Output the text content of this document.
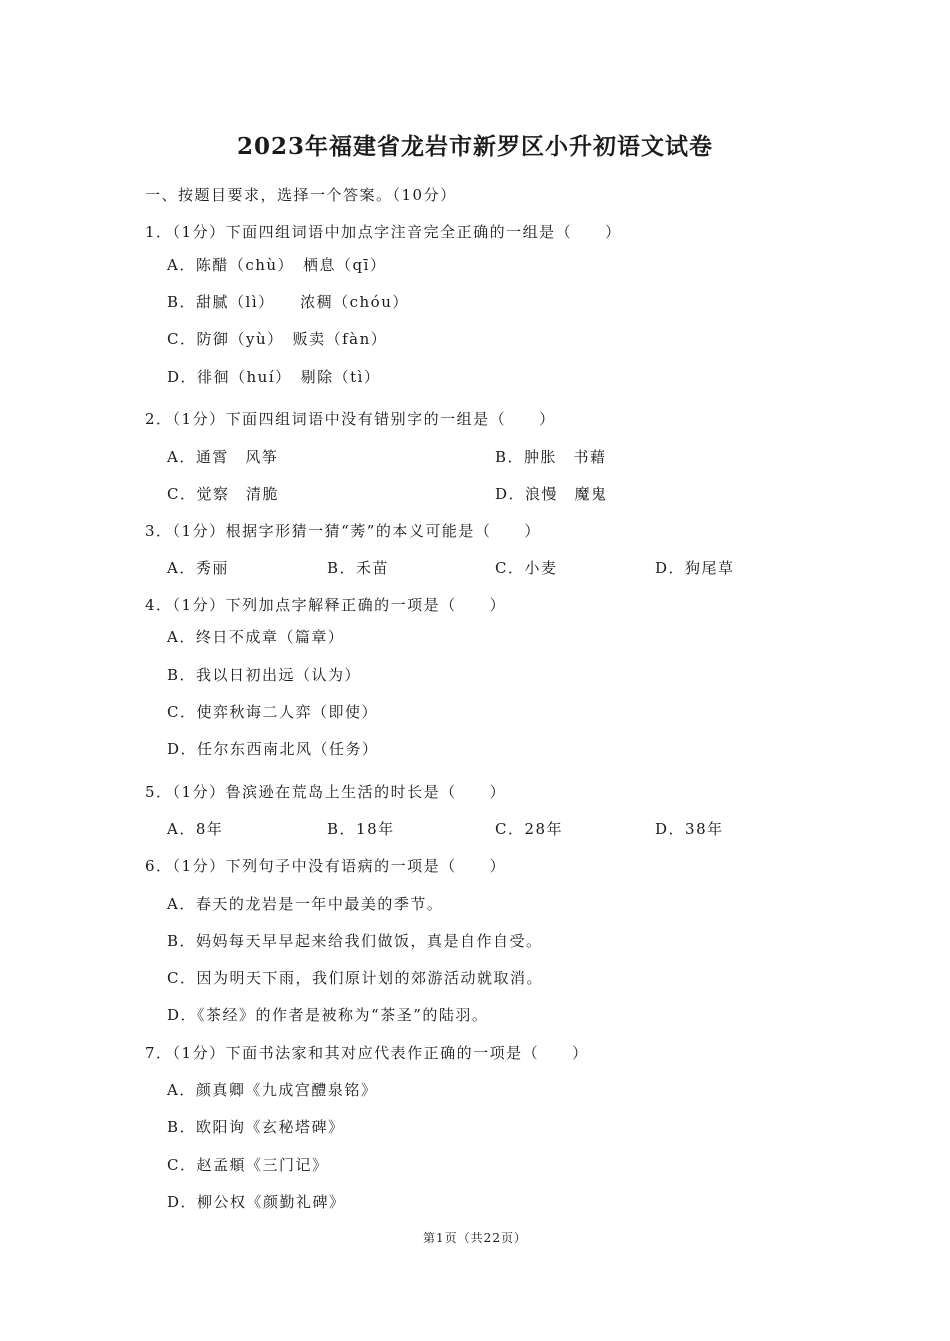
2023年福建省龙岩市新罗区小升初语文试卷
一、按题目要求，选择一个答案。（10分）
1．（1分）下面四组词语中加点字注音完全正确的一组是（　　）
A．陈醋（chù）　栖息（qī）
B．甜腻（lì）　　浓稠（chóu）
C．防御（yù）　贩卖（fàn）
D．徘徊（huí）　剔除（tì）
2．（1分）下面四组词语中没有错别字的一组是（　　）
A．通霄　风筝	B．肿胀　书藉
C．觉察　清脆	D．浪慢　魔鬼
3．（1分）根据字形猜一猜“莠”的本义可能是（　　）
A．秀丽	B．禾苗	C．小麦	D．狗尾草
4．（1分）下列加点字解释正确的一项是（　　）
A．终日不成章（篇章）
B．我以日初出远（认为）
C．使弈秋诲二人弈（即使）
D．任尔东西南北风（任务）
5．（1分）鲁滨逊在荒岛上生活的时长是（　　）
A．8年	B．18年	C．28年	D．38年
6．（1分）下列句子中没有语病的一项是（　　）
A．春天的龙岩是一年中最美的季节。
B．妈妈每天早早起来给我们做饭，真是自作自受。
C．因为明天下雨，我们原计划的郊游活动就取消。
D．《茶经》的作者是被称为“茶圣”的陆羽。
7．（1分）下面书法家和其对应代表作正确的一项是（　　）
A．颜真卿《九成宫醴泉铭》
B．欧阳询《玄秘塔碑》
C．赵孟頫《三门记》
D．柳公权《颜勤礼碑》
第1页（共22页）
